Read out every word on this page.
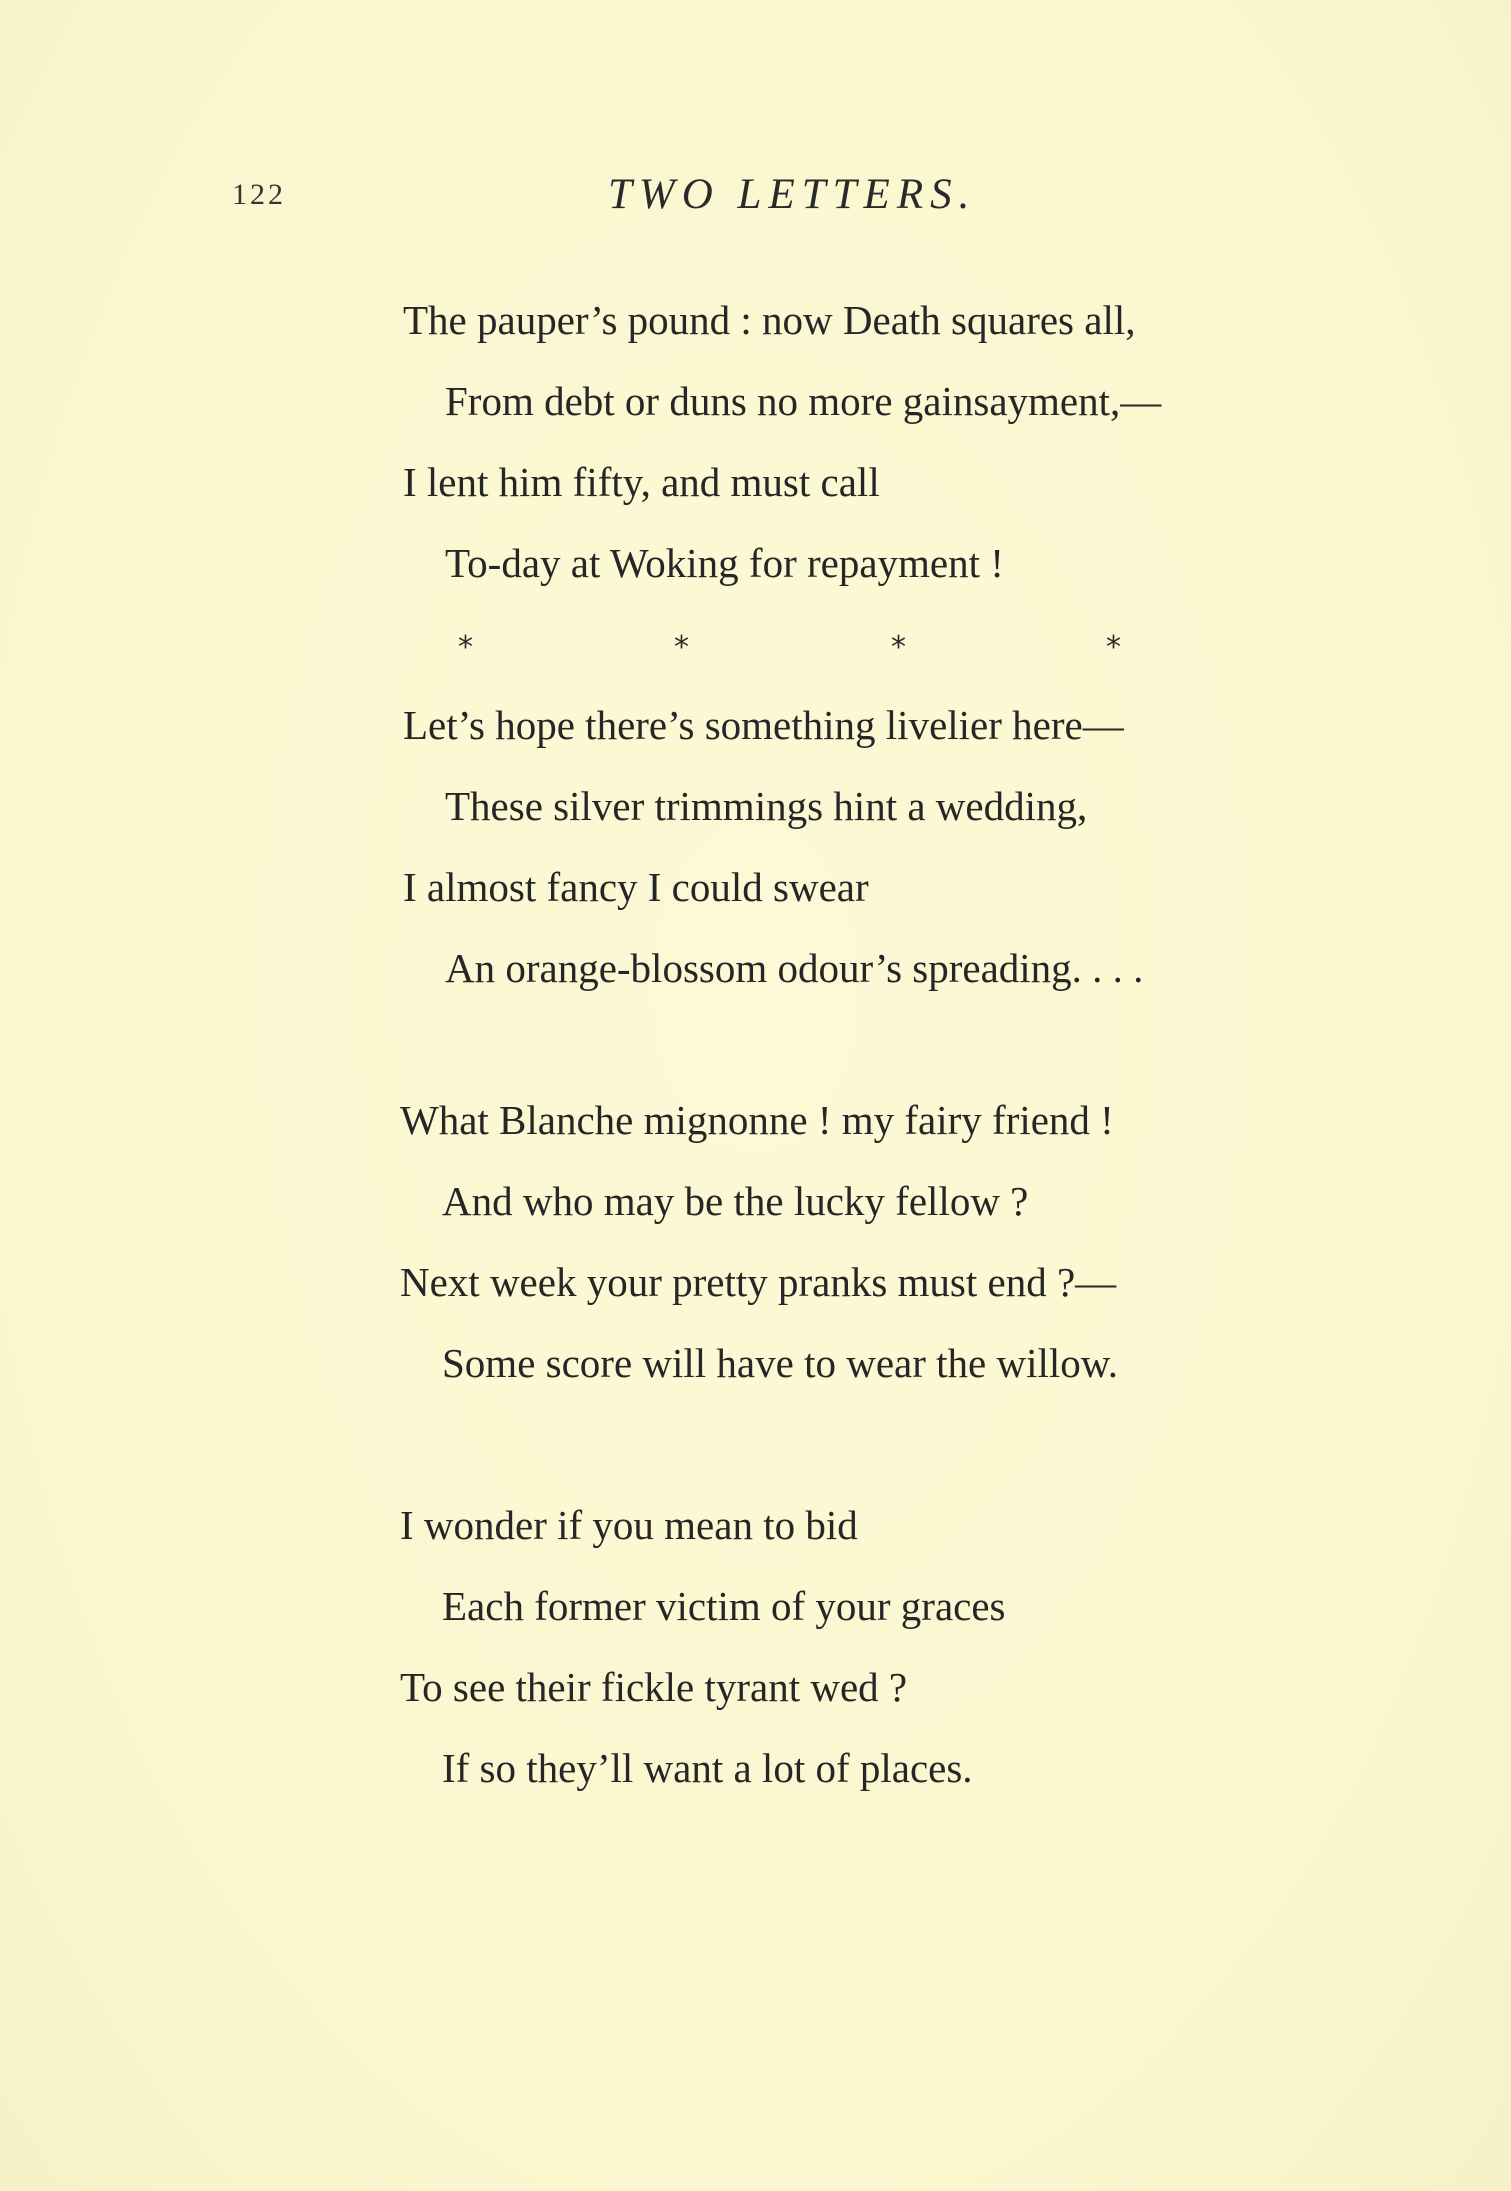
122	TWO LETTERS.
The pauper’s pound : now Death squares all,
From debt or duns no more gainsayment,—
I lent him fifty, and must call
To-day at Woking for repayment !
*	*	*	*
Let’s hope there’s something livelier here—
These silver trimmings hint a wedding,
I almost fancy I could swear
An orange-blossom odour’s spreading. . . .
What Blanche mignonne ! my fairy friend !
And who may be the lucky fellow ?
Next week your pretty pranks must end ?—
Some score will have to wear the willow.
I wonder if you mean to bid
Each former victim of your graces
To see their fickle tyrant wed ?
If so they’ll want a lot of places.
